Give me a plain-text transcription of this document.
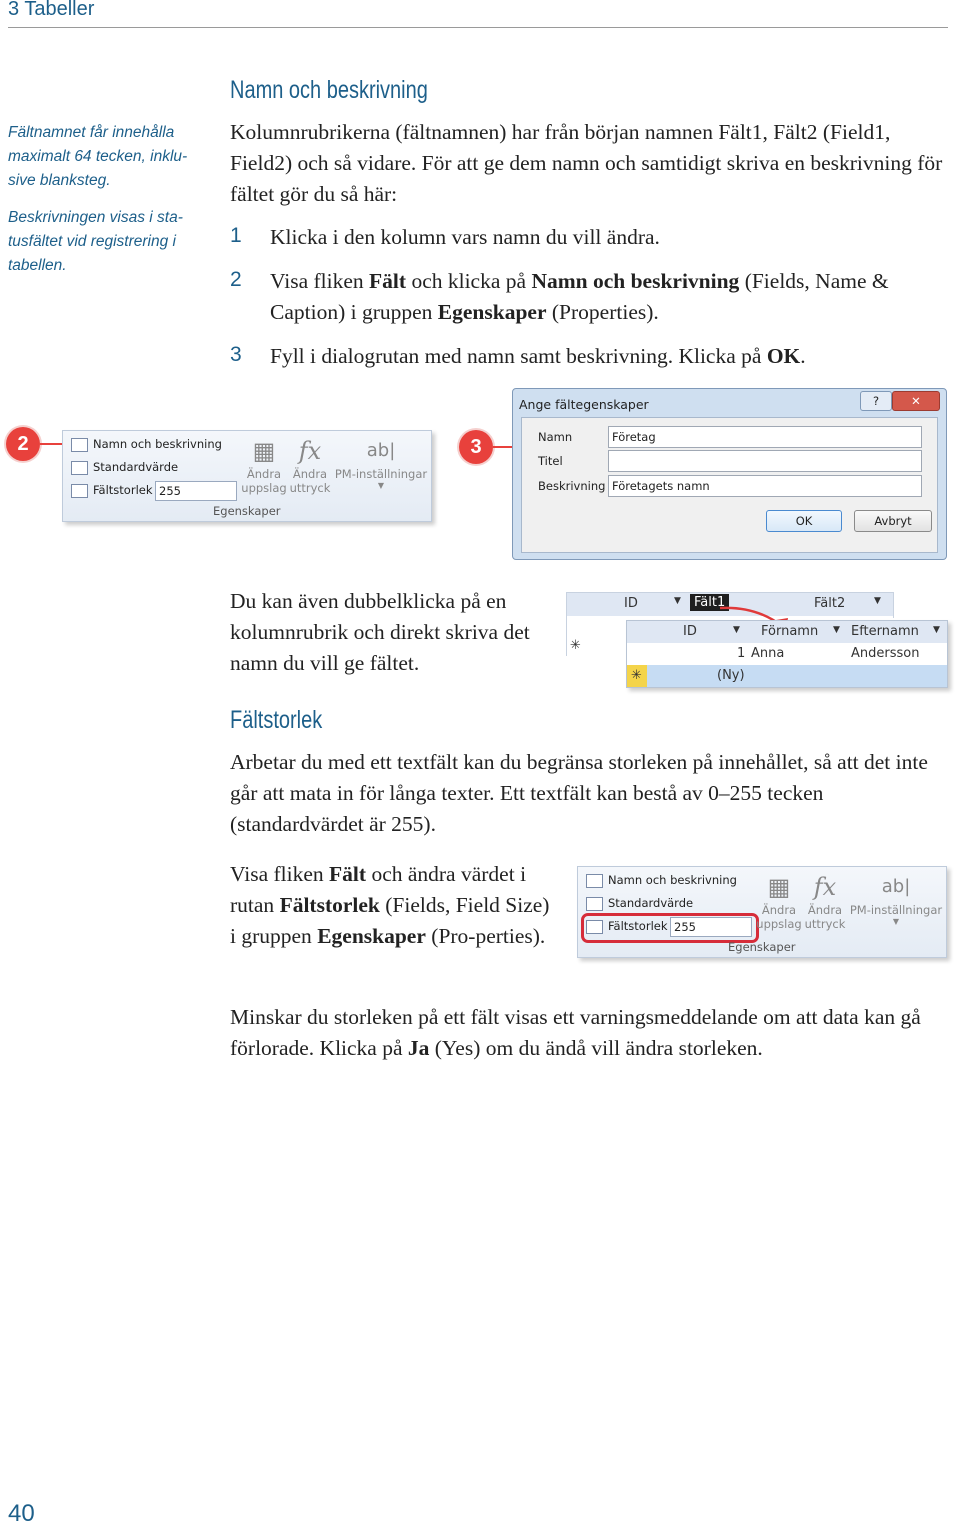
3 Tabeller
Fältnamnet får innehålla maximalt 64 tecken, inklu-sive blanksteg.
Beskrivningen visas i sta-tusfältet vid registrering i tabellen.
Namn och beskrivning
Kolumnrubrikerna (fältnamnen) har från början namnen Fält1, Fält2 (Field1, Field2) och så vidare. För att ge dem namn och samtidigt skriva en beskrivning för fältet gör du så här:
1 Klicka i den kolumn vars namn du vill ändra.
2 Visa fliken Fält och klicka på Namn och beskrivning (Fields, Name & Caption) i gruppen Egenskaper (Properties).
3 Fyll i dialogrutan med namn samt beskrivning. Klicka på OK.
2	Namn och beskrivning
Standardvärde
Fältstorlek 255
▦
Ändra
uppslag
fx
Ändra
uttryck
ab|
PM-inställningar
▼
Egenskaper
3
Ange fältegenskaper	?	✕
Namn	Företag
Titel
Beskrivning Företagets namn
OK	Avbryt
Du kan även dubbelklicka på en kolumnrubrik och direkt skriva det namn du vill ge fältet.
ID	▼	Fält1	Fält2	▼
✳
ID	▼ Förnamn ▼ Efternamn ▼
1 Anna	Andersson
✳	(Ny)
Fältstorlek
Arbetar du med ett textfält kan du begränsa storleken på innehållet, så att det inte går att mata in för långa texter. Ett textfält kan bestå av 0–255 tecken (standardvärdet är 255).
Visa fliken Fält och ändra värdet i rutan Fältstorlek (Fields, Field Size) i gruppen Egenskaper (Pro-perties).
Namn och beskrivning
Standardvärde
Fältstorlek 255
▦
Ändra
uppslag
fx
Ändra
uttryck
ab|
PM-inställningar
▼
Egenskaper
Minskar du storleken på ett fält visas ett varningsmeddelande om att data kan gå förlorade. Klicka på Ja (Yes) om du ändå vill ändra storleken.
40
